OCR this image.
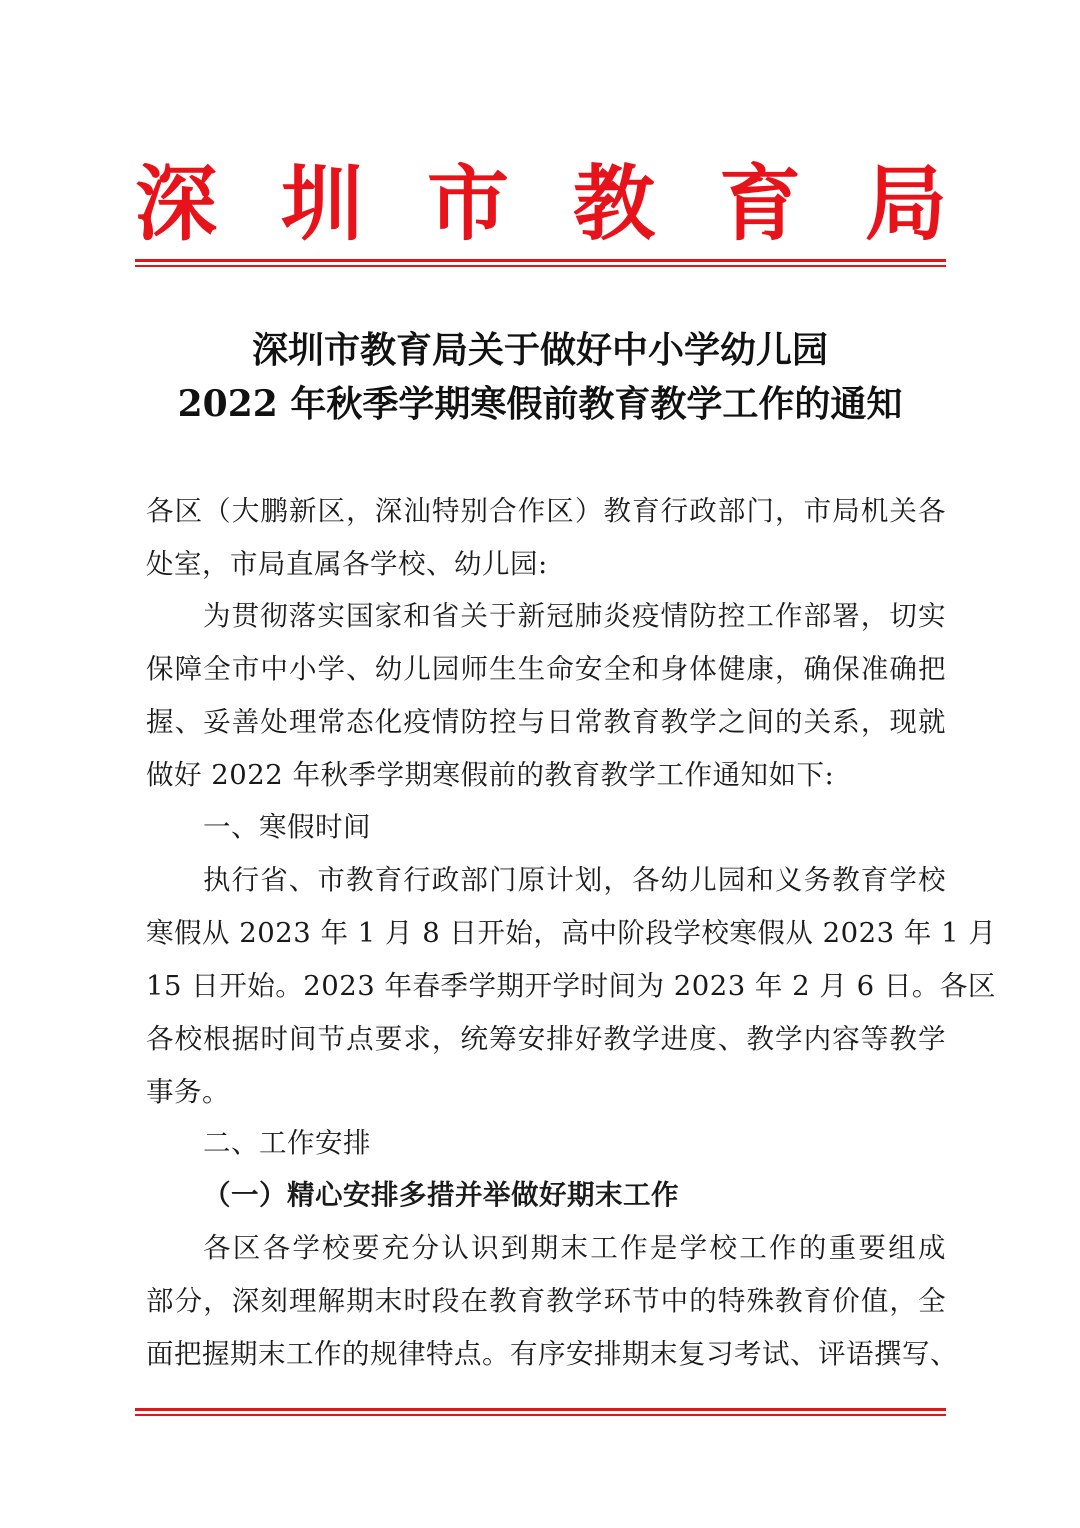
深 圳 市 教 育 局
深圳市教育局关于做好中小学幼儿园
2022 年秋季学期寒假前教育教学工作的通知
各区（大鹏新区，深汕特别合作区）教育行政部门，市局机关各
处室，市局直属各学校、幼儿园:
为贯彻落实国家和省关于新冠肺炎疫情防控工作部署，切实
保障全市中小学、幼儿园师生生命安全和身体健康，确保准确把
握、妥善处理常态化疫情防控与日常教育教学之间的关系，现就
做好 2022 年秋季学期寒假前的教育教学工作通知如下:
一、寒假时间
执行省、市教育行政部门原计划，各幼儿园和义务教育学校
寒假从 2023 年 1 月 8 日开始，高中阶段学校寒假从 2023 年 1 月
15 日开始。2023 年春季学期开学时间为 2023 年 2 月 6 日。各区
各校根据时间节点要求，统筹安排好教学进度、教学内容等教学
事务。
二、工作安排
（一）精心安排多措并举做好期末工作
各区各学校要充分认识到期末工作是学校工作的重要组成
部分，深刻理解期末时段在教育教学环节中的特殊教育价值，全
面把握期末工作的规律特点。有序安排期末复习考试、评语撰写、
